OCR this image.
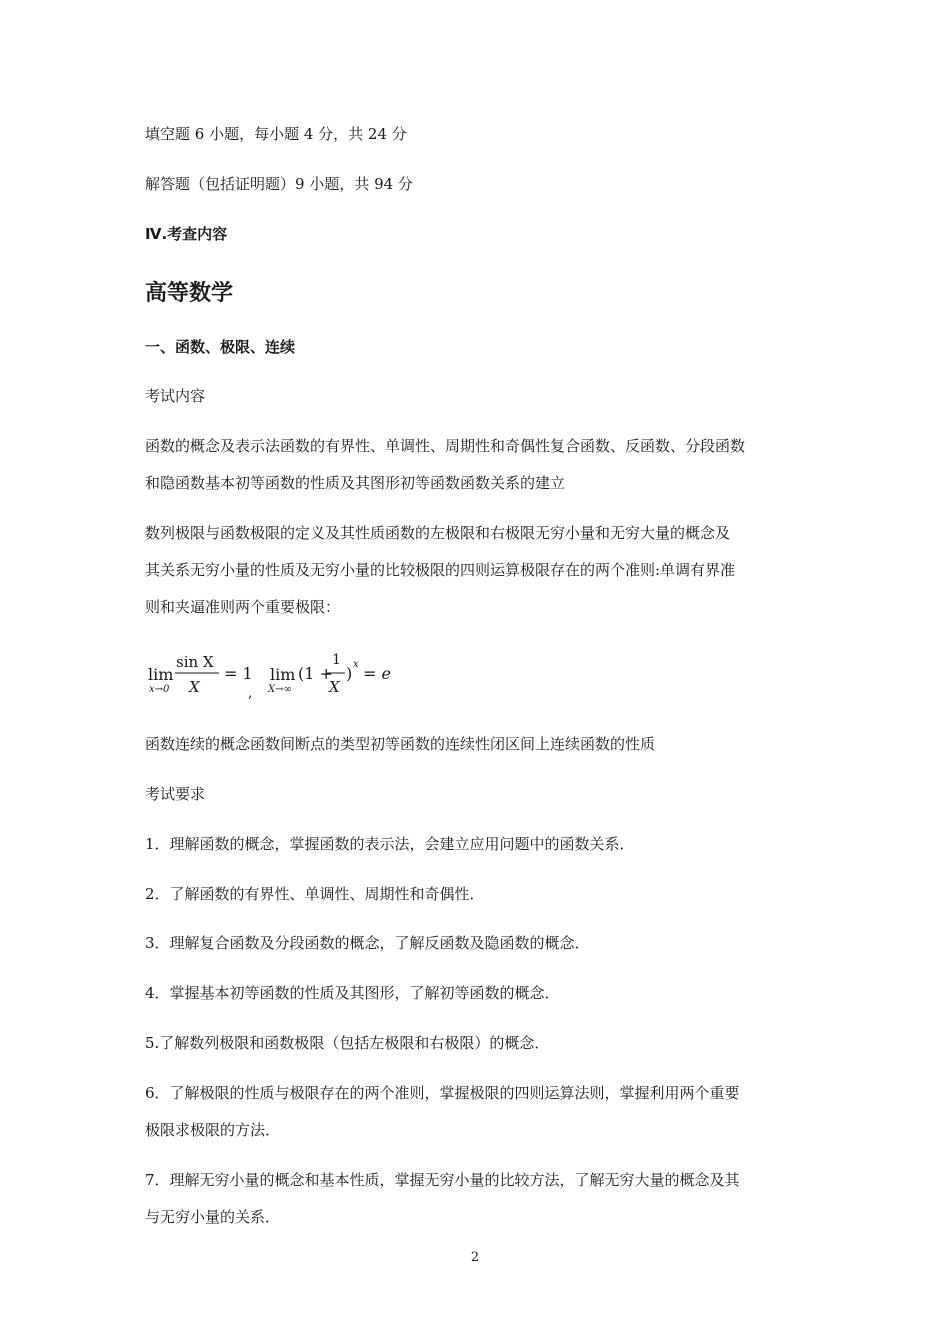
填空题 6 小题，每小题 4 分，共 24 分
解答题（包括证明题）9 小题，共 94 分
Ⅳ.考查内容
高等数学
一、函数、极限、连续
考试内容
函数的概念及表示法函数的有界性、单调性、周期性和奇偶性复合函数、反函数、分段函数
和隐函数基本初等函数的性质及其图形初等函数函数关系的建立
数列极限与函数极限的定义及其性质函数的左极限和右极限无穷小量和无穷大量的概念及
其关系无穷小量的性质及无穷小量的比较极限的四则运算极限存在的两个准则:单调有界准
则和夹逼准则两个重要极限：
lim
x→0
sin X
X
= 1
,
lim
X→∞
(1 +
1
X
) x = e
函数连续的概念函数间断点的类型初等函数的连续性闭区间上连续函数的性质
考试要求
1．理解函数的概念，掌握函数的表示法，会建立应用问题中的函数关系．
2．了解函数的有界性、单调性、周期性和奇偶性．
3．理解复合函数及分段函数的概念，了解反函数及隐函数的概念．
4．掌握基本初等函数的性质及其图形，了解初等函数的概念．
5.了解数列极限和函数极限（包括左极限和右极限）的概念．
6．了解极限的性质与极限存在的两个准则，掌握极限的四则运算法则，掌握利用两个重要
极限求极限的方法．
7．理解无穷小量的概念和基本性质，掌握无穷小量的比较方法，了解无穷大量的概念及其
与无穷小量的关系．
2
